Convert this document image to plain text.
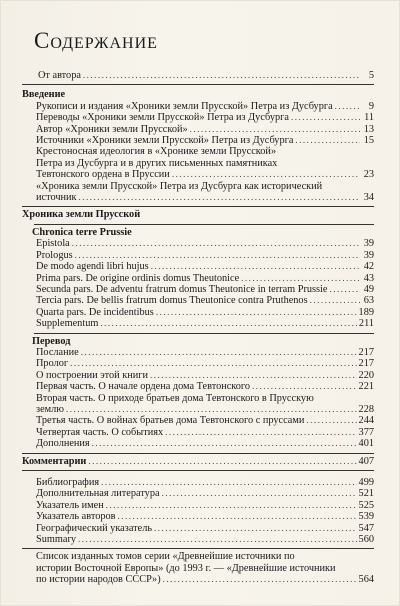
Содержание
От автора .....	5
Введение
Рукописи и издания «Хроники земли Прусской» Петра из Дусбурга .....	9
Переводы «Хроники земли Прусской» Петра из Дусбурга .....	11
Автор «Хроники земли Прусской» .....	13
Источники «Хроники земли Прусской» Петра из Дусбурга .....	15
Крестоносная идеология в «Хронике земли Прусской»
Петра из Дусбурга и в других письменных памятниках
Тевтонского ордена в Пруссии .....	23
«Хроника земли Прусской» Петра из Дусбурга как исторический
источник .....	34
Хроника земли Прусской
Chronica terre Prussie
Epistola .....	39
Prologus .....	39
De modo agendi libri hujus .....	42
Prima pars. De origine ordinis domus Theutonice .....	43
Secunda pars. De adventu fratrum domus Theutonice in terram Prussie .....	49
Tercia pars. De bellis fratrum domus Theutonice contra Pruthenos .....	63
Quarta pars. De incidentibus .....	189
Supplementum .....	211
Перевод
Послание .....	217
Пролог .....	217
О построении этой книги .....	220
Первая часть. О начале ордена дома Тевтонского .....	221
Вторая часть. О приходе братьев дома Тевтонского в Прусскую
землю .....	228
Третья часть. О войнах братьев дома Тевтонского с пруссами .....	244
Четвертая часть. О событиях .....	377
Дополнения .....	401
Комментарии .....	407
Библиография .....	499
Дополнительная литература .....	521
Указатель имен .....	525
Указатель авторов .....	539
Географический указатель .....	547
Summary .....	560
Список изданных томов серии «Древнейшие источники по
истории Восточной Европы» (до 1993 г. — «Древнейшие источники
по истории народов СССР») .....	564
